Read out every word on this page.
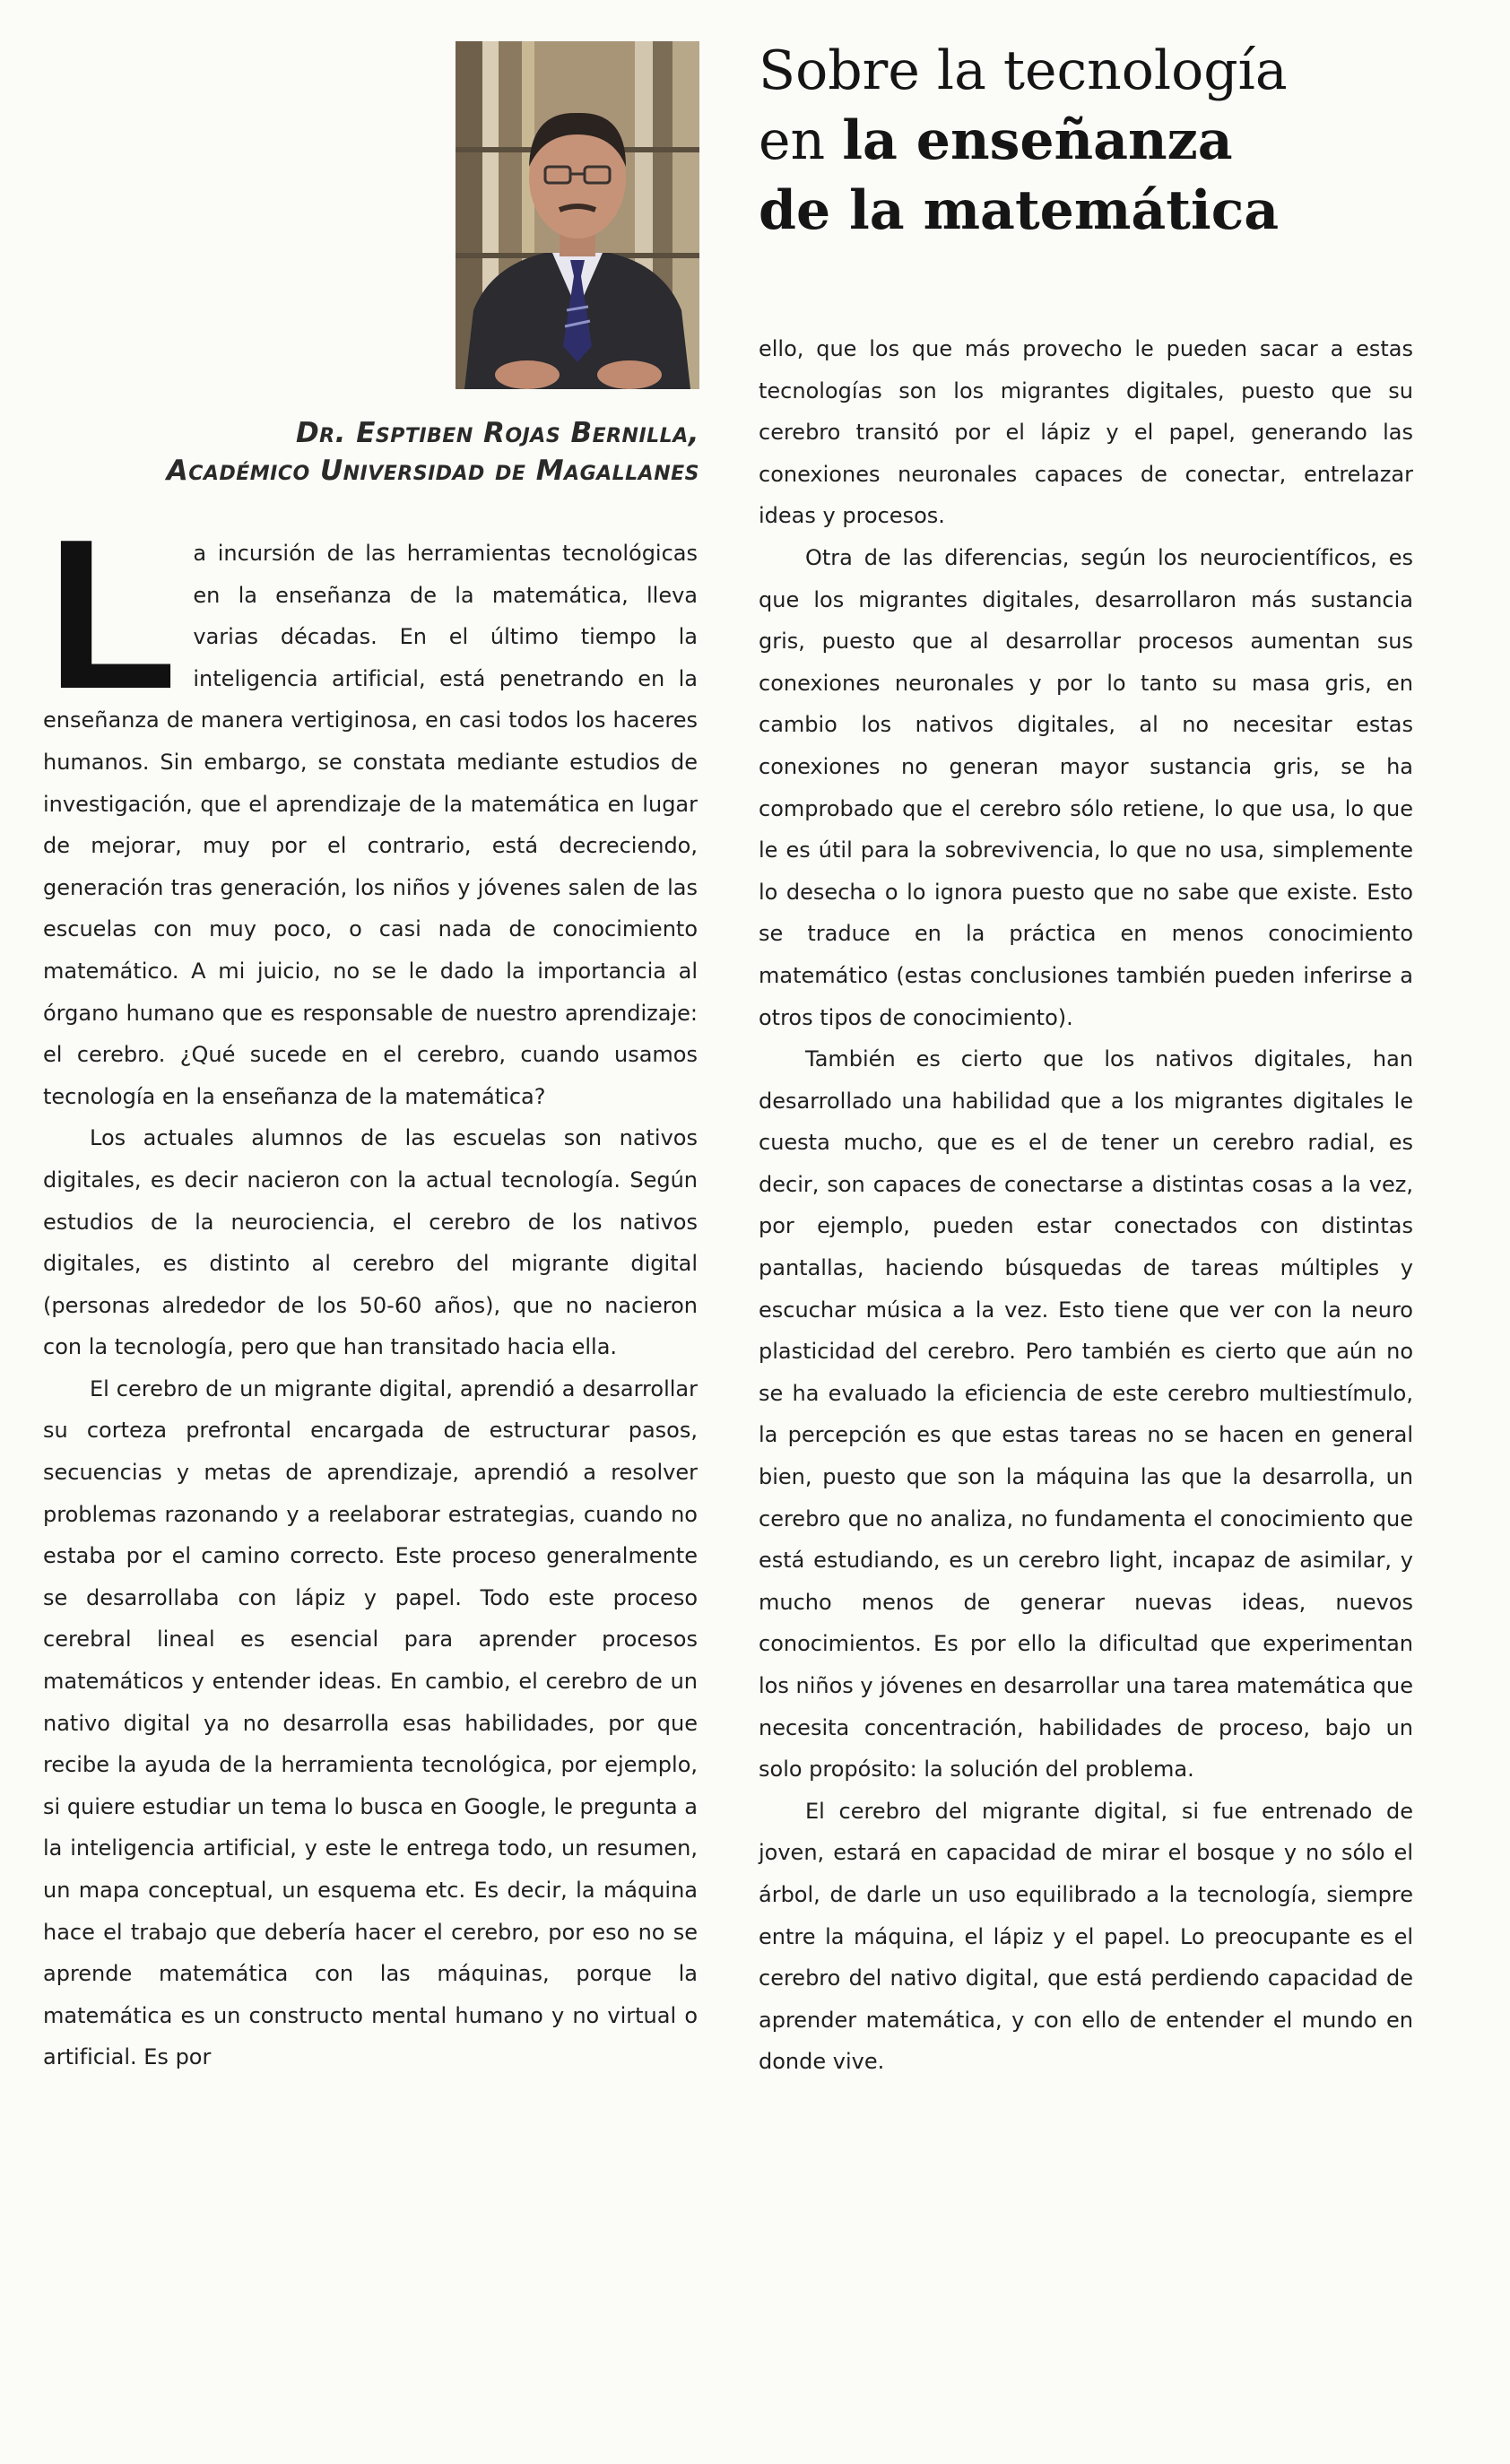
Dr. Esptiben Rojas Bernilla,
Académico Universidad de Magallanes
Sobre la tecnología
en la enseñanza
de la matemática

La incursión de las herramientas tecnológicas en la enseñanza de la matemática, lleva varias décadas. En el último tiempo la inteligencia artificial, está penetrando en la enseñanza de manera vertiginosa, en casi todos los haceres humanos. Sin embargo, se constata mediante estudios de investigación, que el aprendizaje de la matemática en lugar de mejorar, muy por el contrario, está decreciendo, generación tras generación, los niños y jóvenes salen de las escuelas con muy poco, o casi nada de conocimiento matemático. A mi juicio, no se le dado la importancia al órgano humano que es responsable de nuestro aprendizaje: el cerebro. ¿Qué sucede en el cerebro, cuando usamos tecnología en la enseñanza de la matemática?

Los actuales alumnos de las escuelas son nativos digitales, es decir nacieron con la actual tecnología. Según estudios de la neurociencia, el cerebro de los nativos digitales, es distinto al cerebro del migrante digital (personas alrededor de los 50-60 años), que no nacieron con la tecnología, pero que han transitado hacia ella.

El cerebro de un migrante digital, aprendió a desarrollar su corteza prefrontal encargada de estructurar pasos, secuencias y metas de aprendizaje, aprendió a resolver problemas razonando y a reelaborar estrategias, cuando no estaba por el camino correcto. Este proceso generalmente se desarrollaba con lápiz y papel. Todo este proceso cerebral lineal es esencial para aprender procesos matemáticos y entender ideas. En cambio, el cerebro de un nativo digital ya no desarrolla esas habilidades, por que recibe la ayuda de la herramienta tecnológica, por ejemplo, si quiere estudiar un tema lo busca en Google, le pregunta a la inteligencia artificial, y este le entrega todo, un resumen, un mapa conceptual, un esquema etc. Es decir, la máquina hace el trabajo que debería hacer el cerebro, por eso no se aprende matemática con las máquinas, porque la matemática es un constructo mental humano y no virtual o artificial. Es por

ello, que los que más provecho le pueden sacar a estas tecnologías son los migrantes digitales, puesto que su cerebro transitó por el lápiz y el papel, generando las conexiones neuronales capaces de conectar, entrelazar ideas y procesos.

Otra de las diferencias, según los neurocientíficos, es que los migrantes digitales, desarrollaron más sustancia gris, puesto que al desarrollar procesos aumentan sus conexiones neuronales y por lo tanto su masa gris, en cambio los nativos digitales, al no necesitar estas conexiones no generan mayor sustancia gris, se ha comprobado que el cerebro sólo retiene, lo que usa, lo que le es útil para la sobrevivencia, lo que no usa, simplemente lo desecha o lo ignora puesto que no sabe que existe. Esto se traduce en la práctica en menos conocimiento matemático (estas conclusiones también pueden inferirse a otros tipos de conocimiento).

También es cierto que los nativos digitales, han desarrollado una habilidad que a los migrantes digitales le cuesta mucho, que es el de tener un cerebro radial, es decir, son capaces de conectarse a distintas cosas a la vez, por ejemplo, pueden estar conectados con distintas pantallas, haciendo búsquedas de tareas múltiples y escuchar música a la vez. Esto tiene que ver con la neuro plasticidad del cerebro. Pero también es cierto que aún no se ha evaluado la eficiencia de este cerebro multiestímulo, la percepción es que estas tareas no se hacen en general bien, puesto que son la máquina las que la desarrolla, un cerebro que no analiza, no fundamenta el conocimiento que está estudiando, es un cerebro light, incapaz de asimilar, y mucho menos de generar nuevas ideas, nuevos conocimientos. Es por ello la dificultad que experimentan los niños y jóvenes en desarrollar una tarea matemática que necesita concentración, habilidades de proceso, bajo un solo propósito: la solución del problema.

El cerebro del migrante digital, si fue entrenado de joven, estará en capacidad de mirar el bosque y no sólo el árbol, de darle un uso equilibrado a la tecnología, siempre entre la máquina, el lápiz y el papel. Lo preocupante es el cerebro del nativo digital, que está perdiendo capacidad de aprender matemática, y con ello de entender el mundo en donde vive.
